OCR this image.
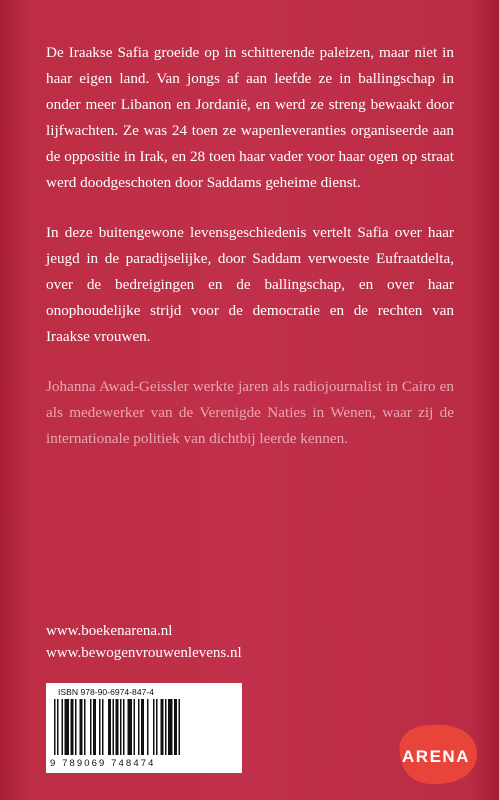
De Iraakse Safia groeide op in schitterende paleizen, maar niet in haar eigen land. Van jongs af aan leefde ze in ballingschap in onder meer Libanon en Jordanië, en werd ze streng bewaakt door lijfwachten. Ze was 24 toen ze wapenleveranties organiseerde aan de oppositie in Irak, en 28 toen haar vader voor haar ogen op straat werd doodgeschoten door Saddams geheime dienst.

In deze buitengewone levensgeschiedenis vertelt Safia over haar jeugd in de paradijselijke, door Saddam verwoeste Eufraatdelta, over de bedreigingen en de ballingschap, en over haar onophoudelijke strijd voor de democratie en de rechten van Iraakse vrouwen.

Johanna Awad-Geissler werkte jaren als radiojournalist in Cairo en als medewerker van de Verenigde Naties in Wenen, waar zij de internationale politiek van dichtbij leerde kennen.

www.boekenarena.nl
www.bewogenvrouwenlevens.nl
ISBN 978-90-6974-847-4
9 789069 748474	ARENA
